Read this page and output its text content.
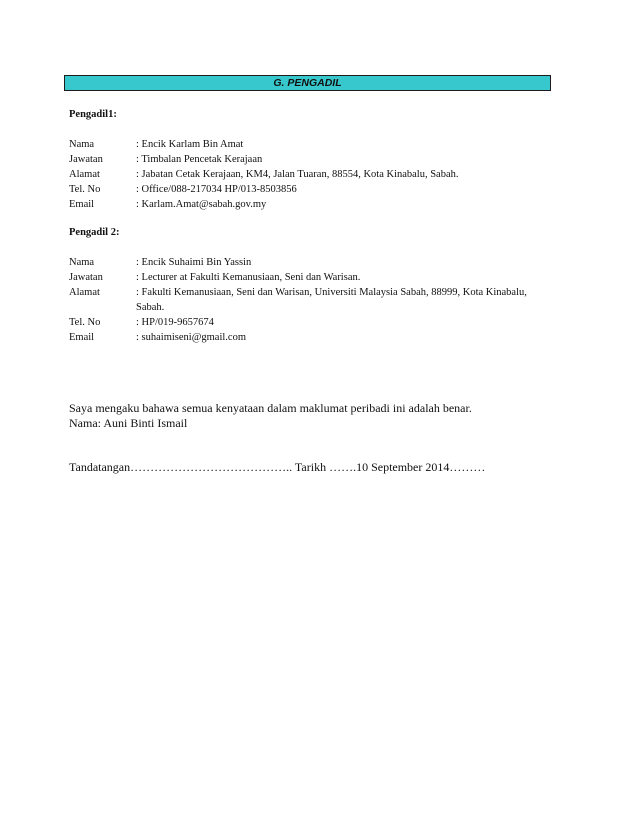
G. PENGADIL
Pengadil1:
Nama	: Encik Karlam Bin Amat
Jawatan	: Timbalan Pencetak Kerajaan
Alamat	: Jabatan Cetak Kerajaan, KM4, Jalan Tuaran, 88554, Kota Kinabalu, Sabah.
Tel. No	: Office/088-217034 HP/013-8503856
Email	: Karlam.Amat@sabah.gov.my
Pengadil 2:
Nama	: Encik Suhaimi Bin Yassin
Jawatan	: Lecturer at Fakulti Kemanusiaan, Seni dan Warisan.
Alamat	: Fakulti Kemanusiaan, Seni dan Warisan, Universiti Malaysia Sabah, 88999, Kota Kinabalu, Sabah.
Tel. No	: HP/019-9657674
Email	: suhaimiseni@gmail.com
Saya mengaku bahawa semua kenyataan dalam maklumat peribadi ini adalah benar.
Nama: Auni Binti Ismail
Tandatangan………………………………….. Tarikh …….10 September 2014………
